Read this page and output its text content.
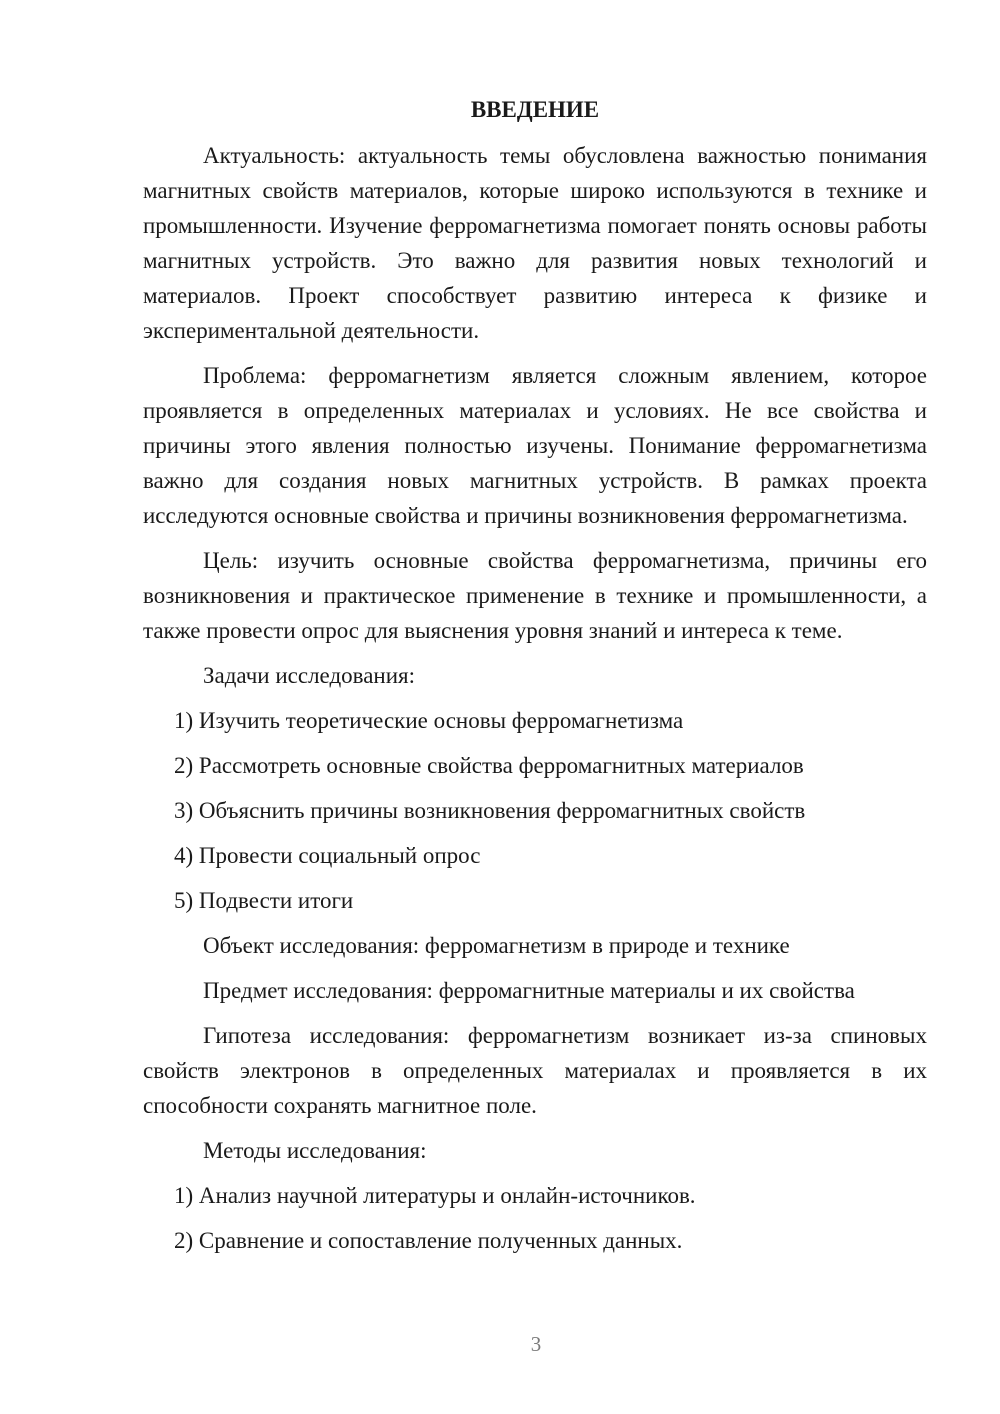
ВВЕДЕНИЕ

Актуальность: актуальность темы обусловлена важностью понимания магнитных свойств материалов, которые широко используются в технике и промышленности. Изучение ферромагнетизма помогает понять основы работы магнитных устройств. Это важно для развития новых технологий и материалов. Проект способствует развитию интереса к физике и экспериментальной деятельности.

Проблема: ферромагнетизм является сложным явлением, которое проявляется в определенных материалах и условиях. Не все свойства и причины этого явления полностью изучены. Понимание ферромагнетизма важно для создания новых магнитных устройств. В рамках проекта исследуются основные свойства и причины возникновения ферромагнетизма.

Цель: изучить основные свойства ферромагнетизма, причины его возникновения и практическое применение в технике и промышленности, а также провести опрос для выяснения уровня знаний и интереса к теме.

Задачи исследования:

1) Изучить теоретические основы ферромагнетизма

2) Рассмотреть основные свойства ферромагнитных материалов

3) Объяснить причины возникновения ферромагнитных свойств

4) Провести социальный опрос

5) Подвести итоги

Объект исследования: ферромагнетизм в природе и технике

Предмет исследования: ферромагнитные материалы и их свойства

Гипотеза исследования: ферромагнетизм возникает из-за спиновых свойств электронов в определенных материалах и проявляется в их способности сохранять магнитное поле.

Методы исследования:

1) Анализ научной литературы и онлайн-источников.

2) Сравнение и сопоставление полученных данных.

3
